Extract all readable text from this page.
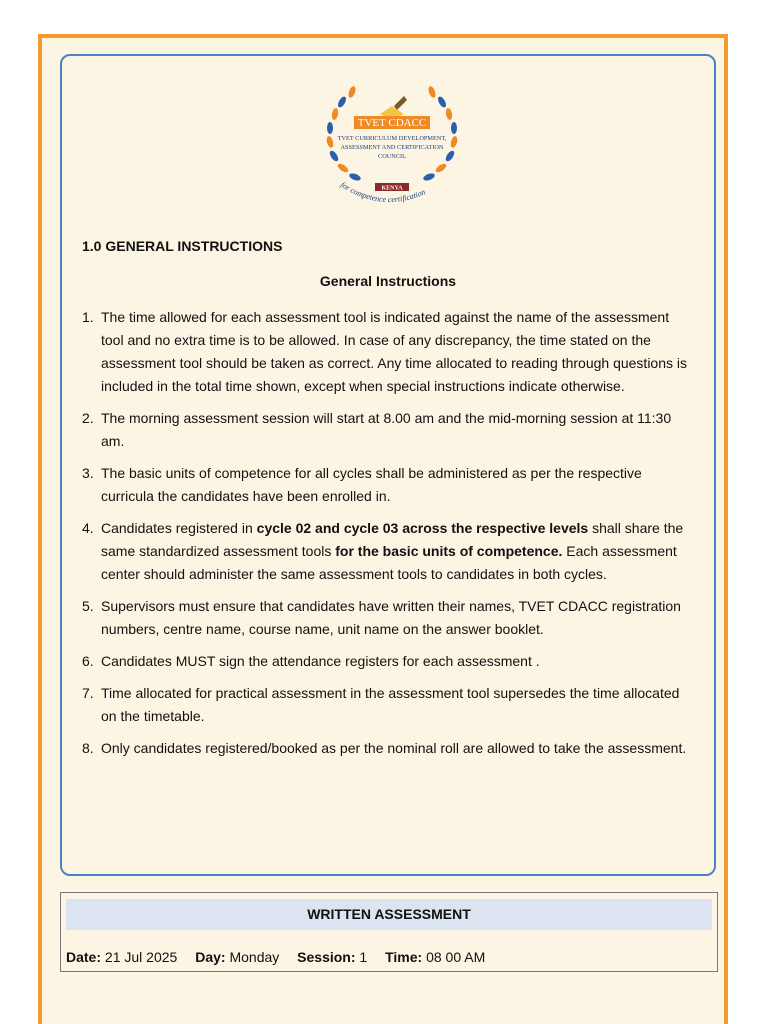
TVET CDACC
TVET CURRICULUM DEVELOPMENT,
ASSESSMENT AND CERTIFICATION
COUNCIL
KENYA
for competence certification
1.0 GENERAL INSTRUCTIONS
General Instructions
1. The time allowed for each assessment tool is indicated against the name of the assessment tool and no extra time is to be allowed. In case of any discrepancy, the time stated on the assessment tool should be taken as correct. Any time allocated to reading through questions is included in the total time shown, except when special instructions indicate otherwise.
2. The morning assessment session will start at 8.00 am and the mid-morning session at 11:30 am.
3. The basic units of competence for all cycles shall be administered as per the respective curricula the candidates have been enrolled in.
4. Candidates registered in cycle 02 and cycle 03 across the respective levels shall share the same standardized assessment tools for the basic units of competence. Each assessment center should administer the same assessment tools to candidates in both cycles.
5. Supervisors must ensure that candidates have written their names, TVET CDACC registration numbers, centre name, course name, unit name on the answer booklet.
6. Candidates MUST sign the attendance registers for each assessment .
7. Time allocated for practical assessment in the assessment tool supersedes the time allocated on the timetable.
8. Only candidates registered/booked as per the nominal roll are allowed to take the assessment.
WRITTEN ASSESSMENT
Date: 21 Jul 2025 Day: Monday Session: 1 Time: 08 00 AM
